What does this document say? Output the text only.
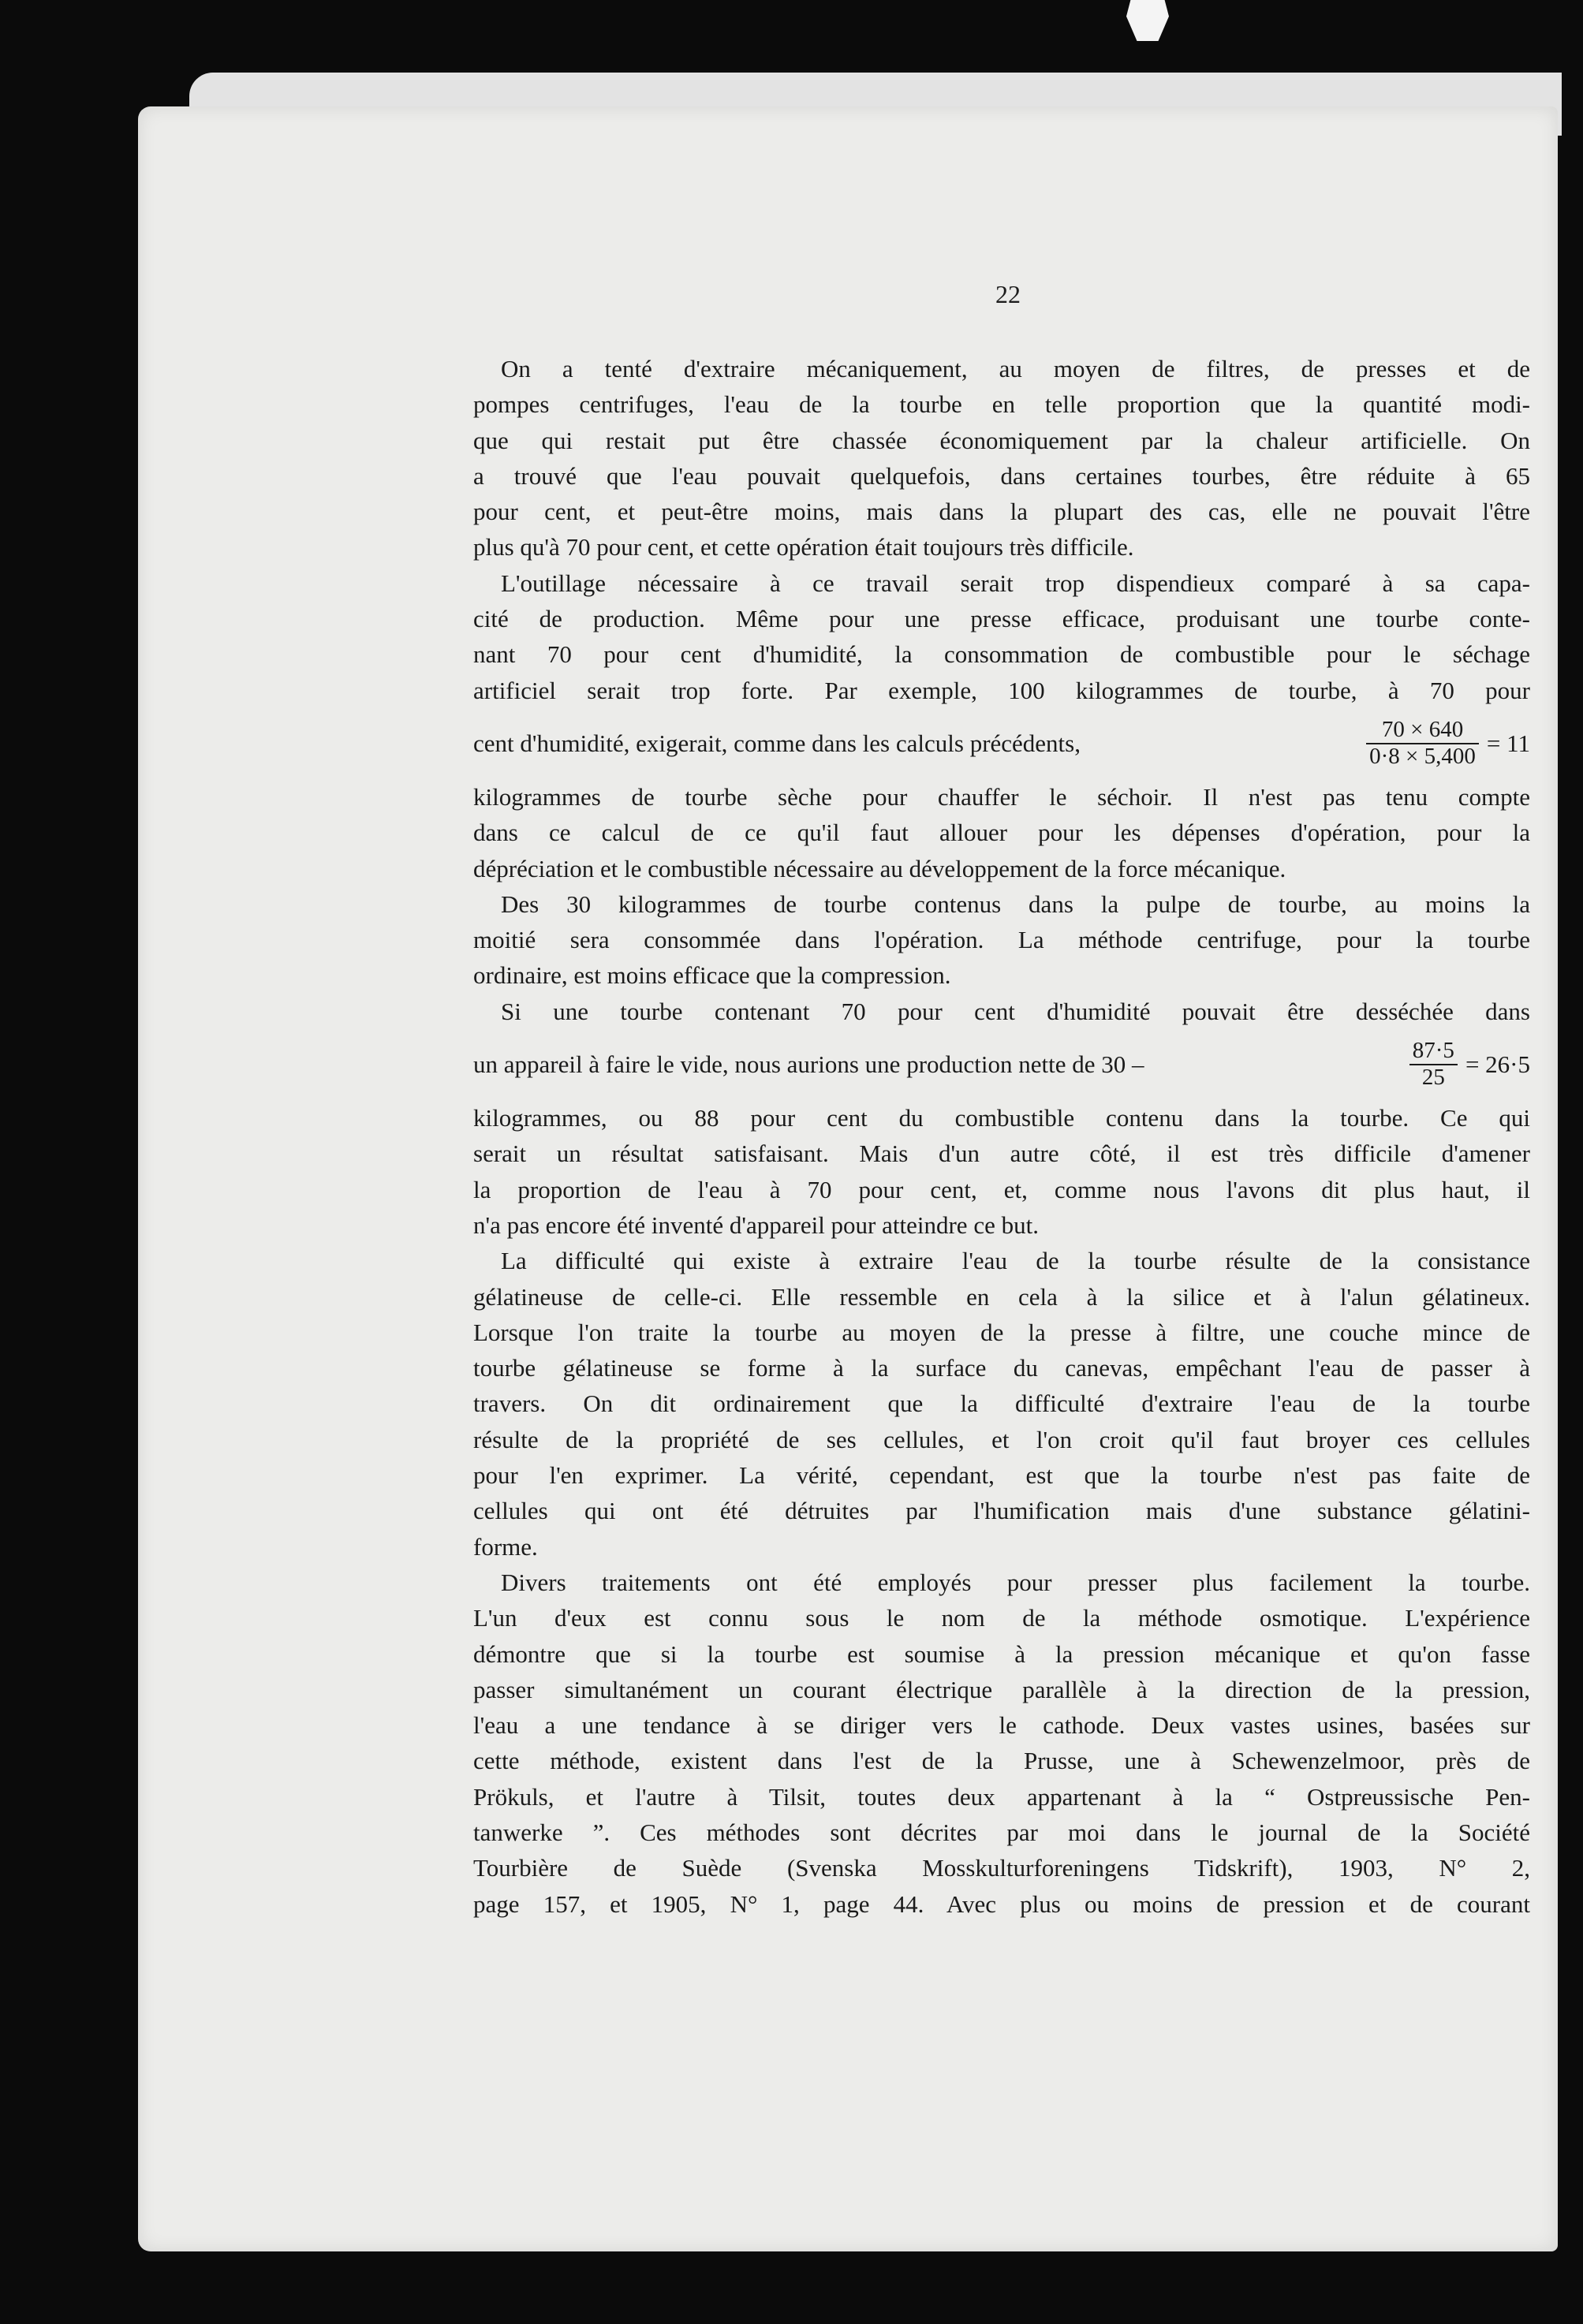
22
On a tenté d'extraire mécaniquement, au moyen de filtres, de presses et de
pompes centrifuges, l'eau de la tourbe en telle proportion que la quantité modi-
que qui restait put être chassée économiquement par la chaleur artificielle. On
a trouvé que l'eau pouvait quelquefois, dans certaines tourbes, être réduite à 65
pour cent, et peut-être moins, mais dans la plupart des cas, elle ne pouvait l'être
plus qu'à 70 pour cent, et cette opération était toujours très difficile.
L'outillage nécessaire à ce travail serait trop dispendieux comparé à sa capa-
cité de production. Même pour une presse efficace, produisant une tourbe conte-
nant 70 pour cent d'humidité, la consommation de combustible pour le séchage
artificiel serait trop forte. Par exemple, 100 kilogrammes de tourbe, à 70 pour
cent d'humidité, exigerait, comme dans les calculs précédents,	$\frac{70 \times 640}{0\cdot 8 \times 5,400} = 11$
kilogrammes de tourbe sèche pour chauffer le séchoir. Il n'est pas tenu compte
dans ce calcul de ce qu'il faut allouer pour les dépenses d'opération, pour la
dépréciation et le combustible nécessaire au développement de la force mécanique.
Des 30 kilogrammes de tourbe contenus dans la pulpe de tourbe, au moins la
moitié sera consommée dans l'opération. La méthode centrifuge, pour la tourbe
ordinaire, est moins efficace que la compression.
Si une tourbe contenant 70 pour cent d'humidité pouvait être desséchée dans
un appareil à faire le vide, nous aurions une production nette de 30 –	$\frac{87\cdot 5}{25} = 26\cdot 5$
kilogrammes, ou 88 pour cent du combustible contenu dans la tourbe. Ce qui
serait un résultat satisfaisant. Mais d'un autre côté, il est très difficile d'amener
la proportion de l'eau à 70 pour cent, et, comme nous l'avons dit plus haut, il
n'a pas encore été inventé d'appareil pour atteindre ce but.
La difficulté qui existe à extraire l'eau de la tourbe résulte de la consistance
gélatineuse de celle-ci. Elle ressemble en cela à la silice et à l'alun gélatineux.
Lorsque l'on traite la tourbe au moyen de la presse à filtre, une couche mince de
tourbe gélatineuse se forme à la surface du canevas, empêchant l'eau de passer à
travers. On dit ordinairement que la difficulté d'extraire l'eau de la tourbe
résulte de la propriété de ses cellules, et l'on croit qu'il faut broyer ces cellules
pour l'en exprimer. La vérité, cependant, est que la tourbe n'est pas faite de
cellules qui ont été détruites par l'humification mais d'une substance gélatini-
forme.
Divers traitements ont été employés pour presser plus facilement la tourbe.
L'un d'eux est connu sous le nom de la méthode osmotique. L'expérience
démontre que si la tourbe est soumise à la pression mécanique et qu'on fasse
passer simultanément un courant électrique parallèle à la direction de la pression,
l'eau a une tendance à se diriger vers le cathode. Deux vastes usines, basées sur
cette méthode, existent dans l'est de la Prusse, une à Schewenzelmoor, près de
Prökuls, et l'autre à Tilsit, toutes deux appartenant à la “ Ostpreussische Pen-
tanwerke ”. Ces méthodes sont décrites par moi dans le journal de la Société
Tourbière de Suède (Svenska Mosskulturforeningens Tidskrift), 1903, N° 2,
page 157, et 1905, N° 1, page 44. Avec plus ou moins de pression et de courant
